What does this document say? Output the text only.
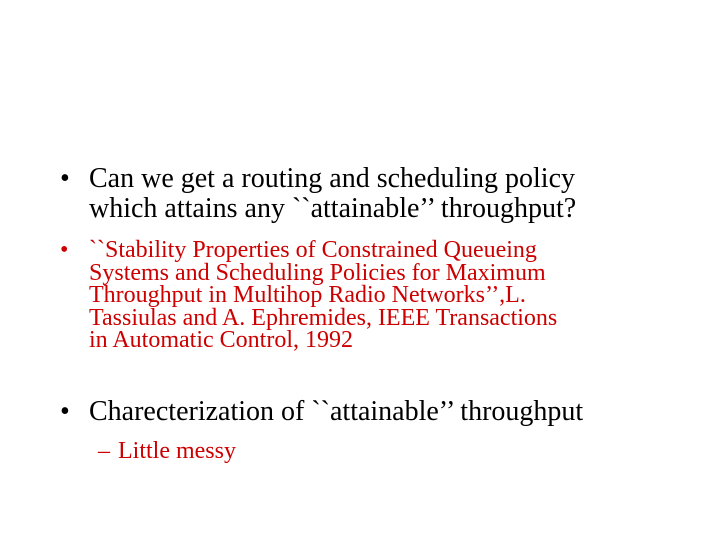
• Can we get a routing and scheduling policy
which attains any ``attainable’’ throughput?
• ``Stability Properties of Constrained Queueing
Systems and Scheduling Policies for Maximum
Throughput in Multihop Radio Networks’’,L.
Tassiulas and A. Ephremides, IEEE Transactions
in Automatic Control, 1992
• Charecterization of ``attainable’’ throughput
– Little messy
